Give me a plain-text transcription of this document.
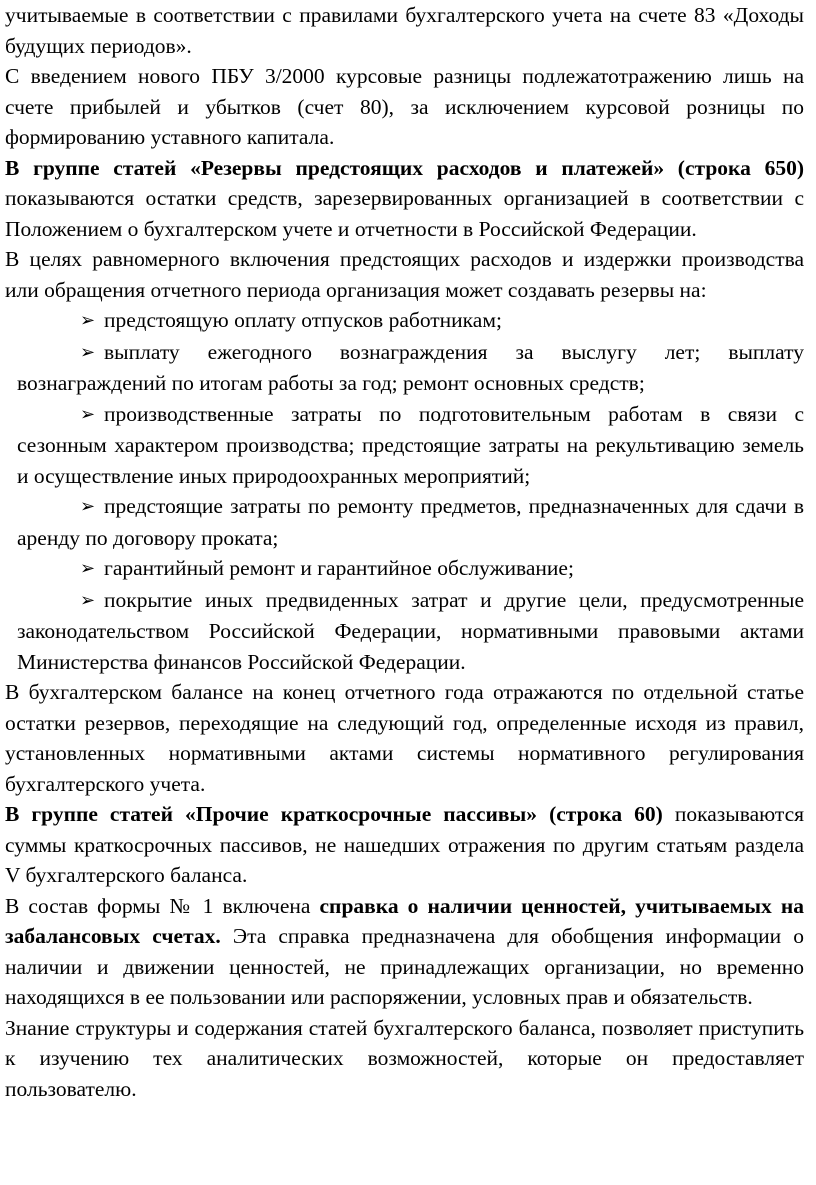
учитываемые в соответствии с правилами бухгалтерского учета на счете 83 «Доходы будущих периодов».

С введением нового ПБУ 3/2000 курсовые разницы подлежатотражению лишь на счете прибылей и убытков (счет 80), за исключением курсовой розницы по формированию уставного капитала.

В группе статей «Резервы предстоящих расходов и платежей» (строка 650) показываются остатки средств, зарезервированных организацией в соответствии с Положением о бухгалтерском учете и отчетности в Российской Федерации.

В целях равномерного включения предстоящих расходов и издержки производства или обращения отчетного периода организация может создавать резервы на:

➢ предстоящую оплату отпусков работникам;
➢ выплату ежегодного вознаграждения за выслугу лет; выплату вознаграждений по итогам работы за год; ремонт основных средств;
➢ производственные затраты по подготовительным работам в связи с сезонным характером производства; предстоящие затраты на рекультивацию земель и осуществление иных природоохранных мероприятий;
➢ предстоящие затраты по ремонту предметов, предназначенных для сдачи в аренду по договору проката;
➢ гарантийный ремонт и гарантийное обслуживание;
➢ покрытие иных предвиденных затрат и другие цели, предусмотренные законодательством Российской Федерации, нормативными правовыми актами Министерства финансов Российской Федерации.

В бухгалтерском балансе на конец отчетного года отражаются по отдельной статье остатки резервов, переходящие на следующий год, определенные исходя из правил, установленных нормативными актами системы нормативного регулирования бухгалтерского учета.

В группе статей «Прочие краткосрочные пассивы» (строка 60) показываются суммы краткосрочных пассивов, не нашедших отражения по другим статьям раздела V бухгалтерского баланса.

В состав формы № 1 включена справка о наличии ценностей, учитываемых на забалансовых счетах. Эта справка предназначена для обобщения информации о наличии и движении ценностей, не принадлежащих организации, но временно находящихся в ее пользовании или распоряжении, условных прав и обязательств.

Знание структуры и содержания статей бухгалтерского баланса, позволяет приступить к изучению тех аналитических возможностей, которые он предоставляет пользователю.
